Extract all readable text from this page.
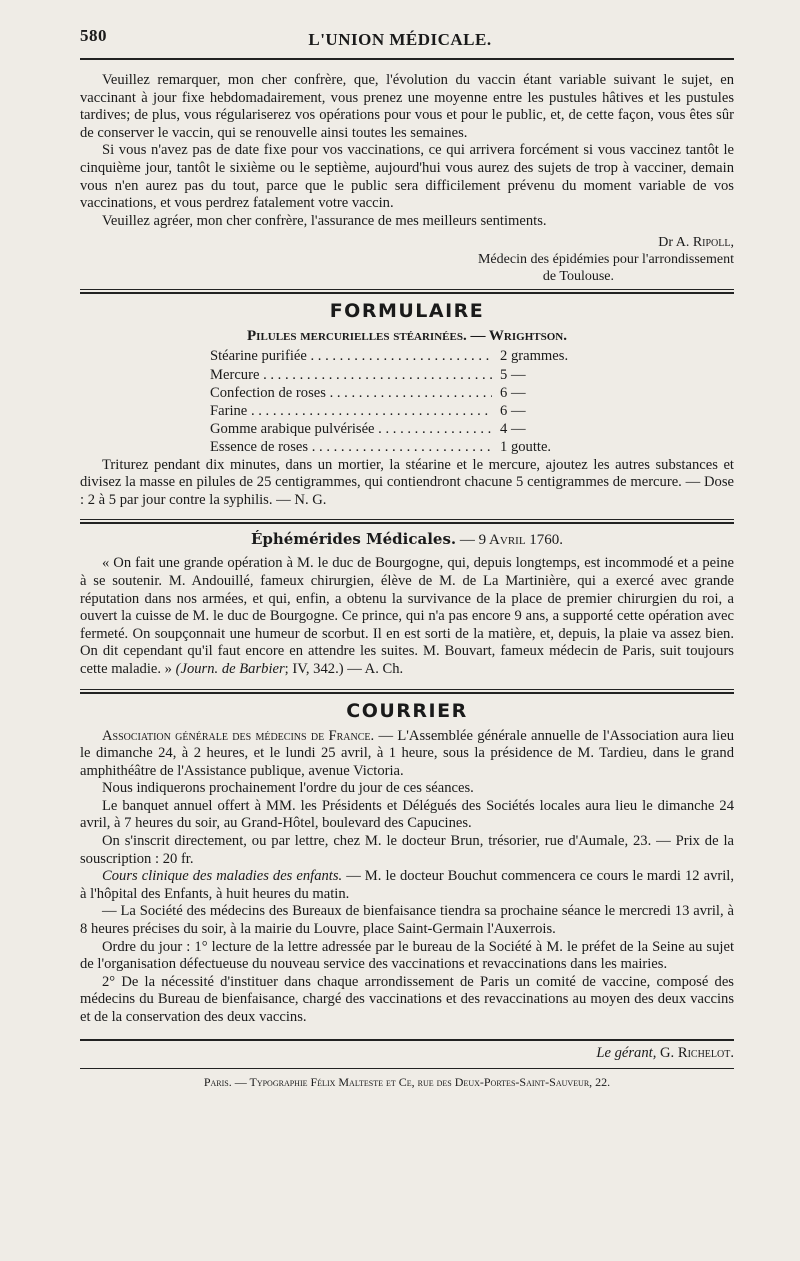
580	L'UNION MÉDICALE.

Veuillez remarquer, mon cher confrère, que, l'évolution du vaccin étant variable suivant le sujet, en vaccinant à jour fixe hebdomadairement, vous prenez une moyenne entre les pustules hâtives et les pustules tardives; de plus, vous régulariserez vos opérations pour vous et pour le public, et, de cette façon, vous êtes sûr de conserver le vaccin, qui se renouvelle ainsi toutes les semaines.

Si vous n'avez pas de date fixe pour vos vaccinations, ce qui arrivera forcément si vous vaccinez tantôt le cinquième jour, tantôt le sixième ou le septième, aujourd'hui vous aurez des sujets de trop à vacciner, demain vous n'en aurez pas du tout, parce que le public sera difficilement prévenu du moment variable de vos vaccinations, et vous perdrez fatalement votre vaccin.

Veuillez agréer, mon cher confrère, l'assurance de mes meilleurs sentiments.

Dr A. Ripoll,
Médecin des épidémies pour l'arrondissement
de Toulouse.
FORMULAIRE
Pilules mercurielles stéarinées. — Wrightson.
Stéarine purifiée . . .	2 grammes.
Mercure . . .	5 —
Confection de roses . . .	6 —
Farine . . .	6 —
Gomme arabique pulvérisée . . .	4 —
Essence de roses . . .	1 goutte.

Triturez pendant dix minutes, dans un mortier, la stéarine et le mercure, ajoutez les autres substances et divisez la masse en pilules de 25 centigrammes, qui contiendront chacune 5 centigrammes de mercure. — Dose : 2 à 5 par jour contre la syphilis. — N. G.

Éphémérides Médicales. — 9 Avril 1760.

« On fait une grande opération à M. le duc de Bourgogne, qui, depuis longtemps, est incommodé et a peine à se soutenir. M. Andouillé, fameux chirurgien, élève de M. de La Martinière, qui a exercé avec grande réputation dans nos armées, et qui, enfin, a obtenu la survivance de la place de premier chirurgien du roi, a ouvert la cuisse de M. le duc de Bourgogne. Ce prince, qui n'a pas encore 9 ans, a supporté cette opération avec fermeté. On soupçonnait une humeur de scorbut. Il en est sorti de la matière, et, depuis, la plaie va assez bien. On dit cependant qu'il faut encore en attendre les suites. M. Bouvart, fameux médecin de Paris, suit toujours cette maladie. » (Journ. de Barbier; IV, 342.) — A. Ch.

COURRIER

Association générale des médecins de France. — L'Assemblée générale annuelle de l'Association aura lieu le dimanche 24, à 2 heures, et le lundi 25 avril, à 1 heure, sous la présidence de M. Tardieu, dans le grand amphithéâtre de l'Assistance publique, avenue Victoria.

Nous indiquerons prochainement l'ordre du jour de ces séances.

Le banquet annuel offert à MM. les Présidents et Délégués des Sociétés locales aura lieu le dimanche 24 avril, à 7 heures du soir, au Grand-Hôtel, boulevard des Capucines.

On s'inscrit directement, ou par lettre, chez M. le docteur Brun, trésorier, rue d'Aumale, 23. — Prix de la souscription : 20 fr.

Cours clinique des maladies des enfants. — M. le docteur Bouchut commencera ce cours le mardi 12 avril, à l'hôpital des Enfants, à huit heures du matin.

— La Société des médecins des Bureaux de bienfaisance tiendra sa prochaine séance le mercredi 13 avril, à 8 heures précises du soir, à la mairie du Louvre, place Saint-Germain l'Auxerrois.

Ordre du jour : 1° lecture de la lettre adressée par le bureau de la Société à M. le préfet de la Seine au sujet de l'organisation défectueuse du nouveau service des vaccinations et revaccinations dans les mairies.

2° De la nécessité d'instituer dans chaque arrondissement de Paris un comité de vaccine, composé des médecins du Bureau de bienfaisance, chargé des vaccinations et des revaccinations au moyen des deux vaccins et de la conservation des deux vaccins.

Le gérant, G. Richelot.
Paris. — Typographie Félix Malteste et Ce, rue des Deux-Portes-Saint-Sauveur, 22.
